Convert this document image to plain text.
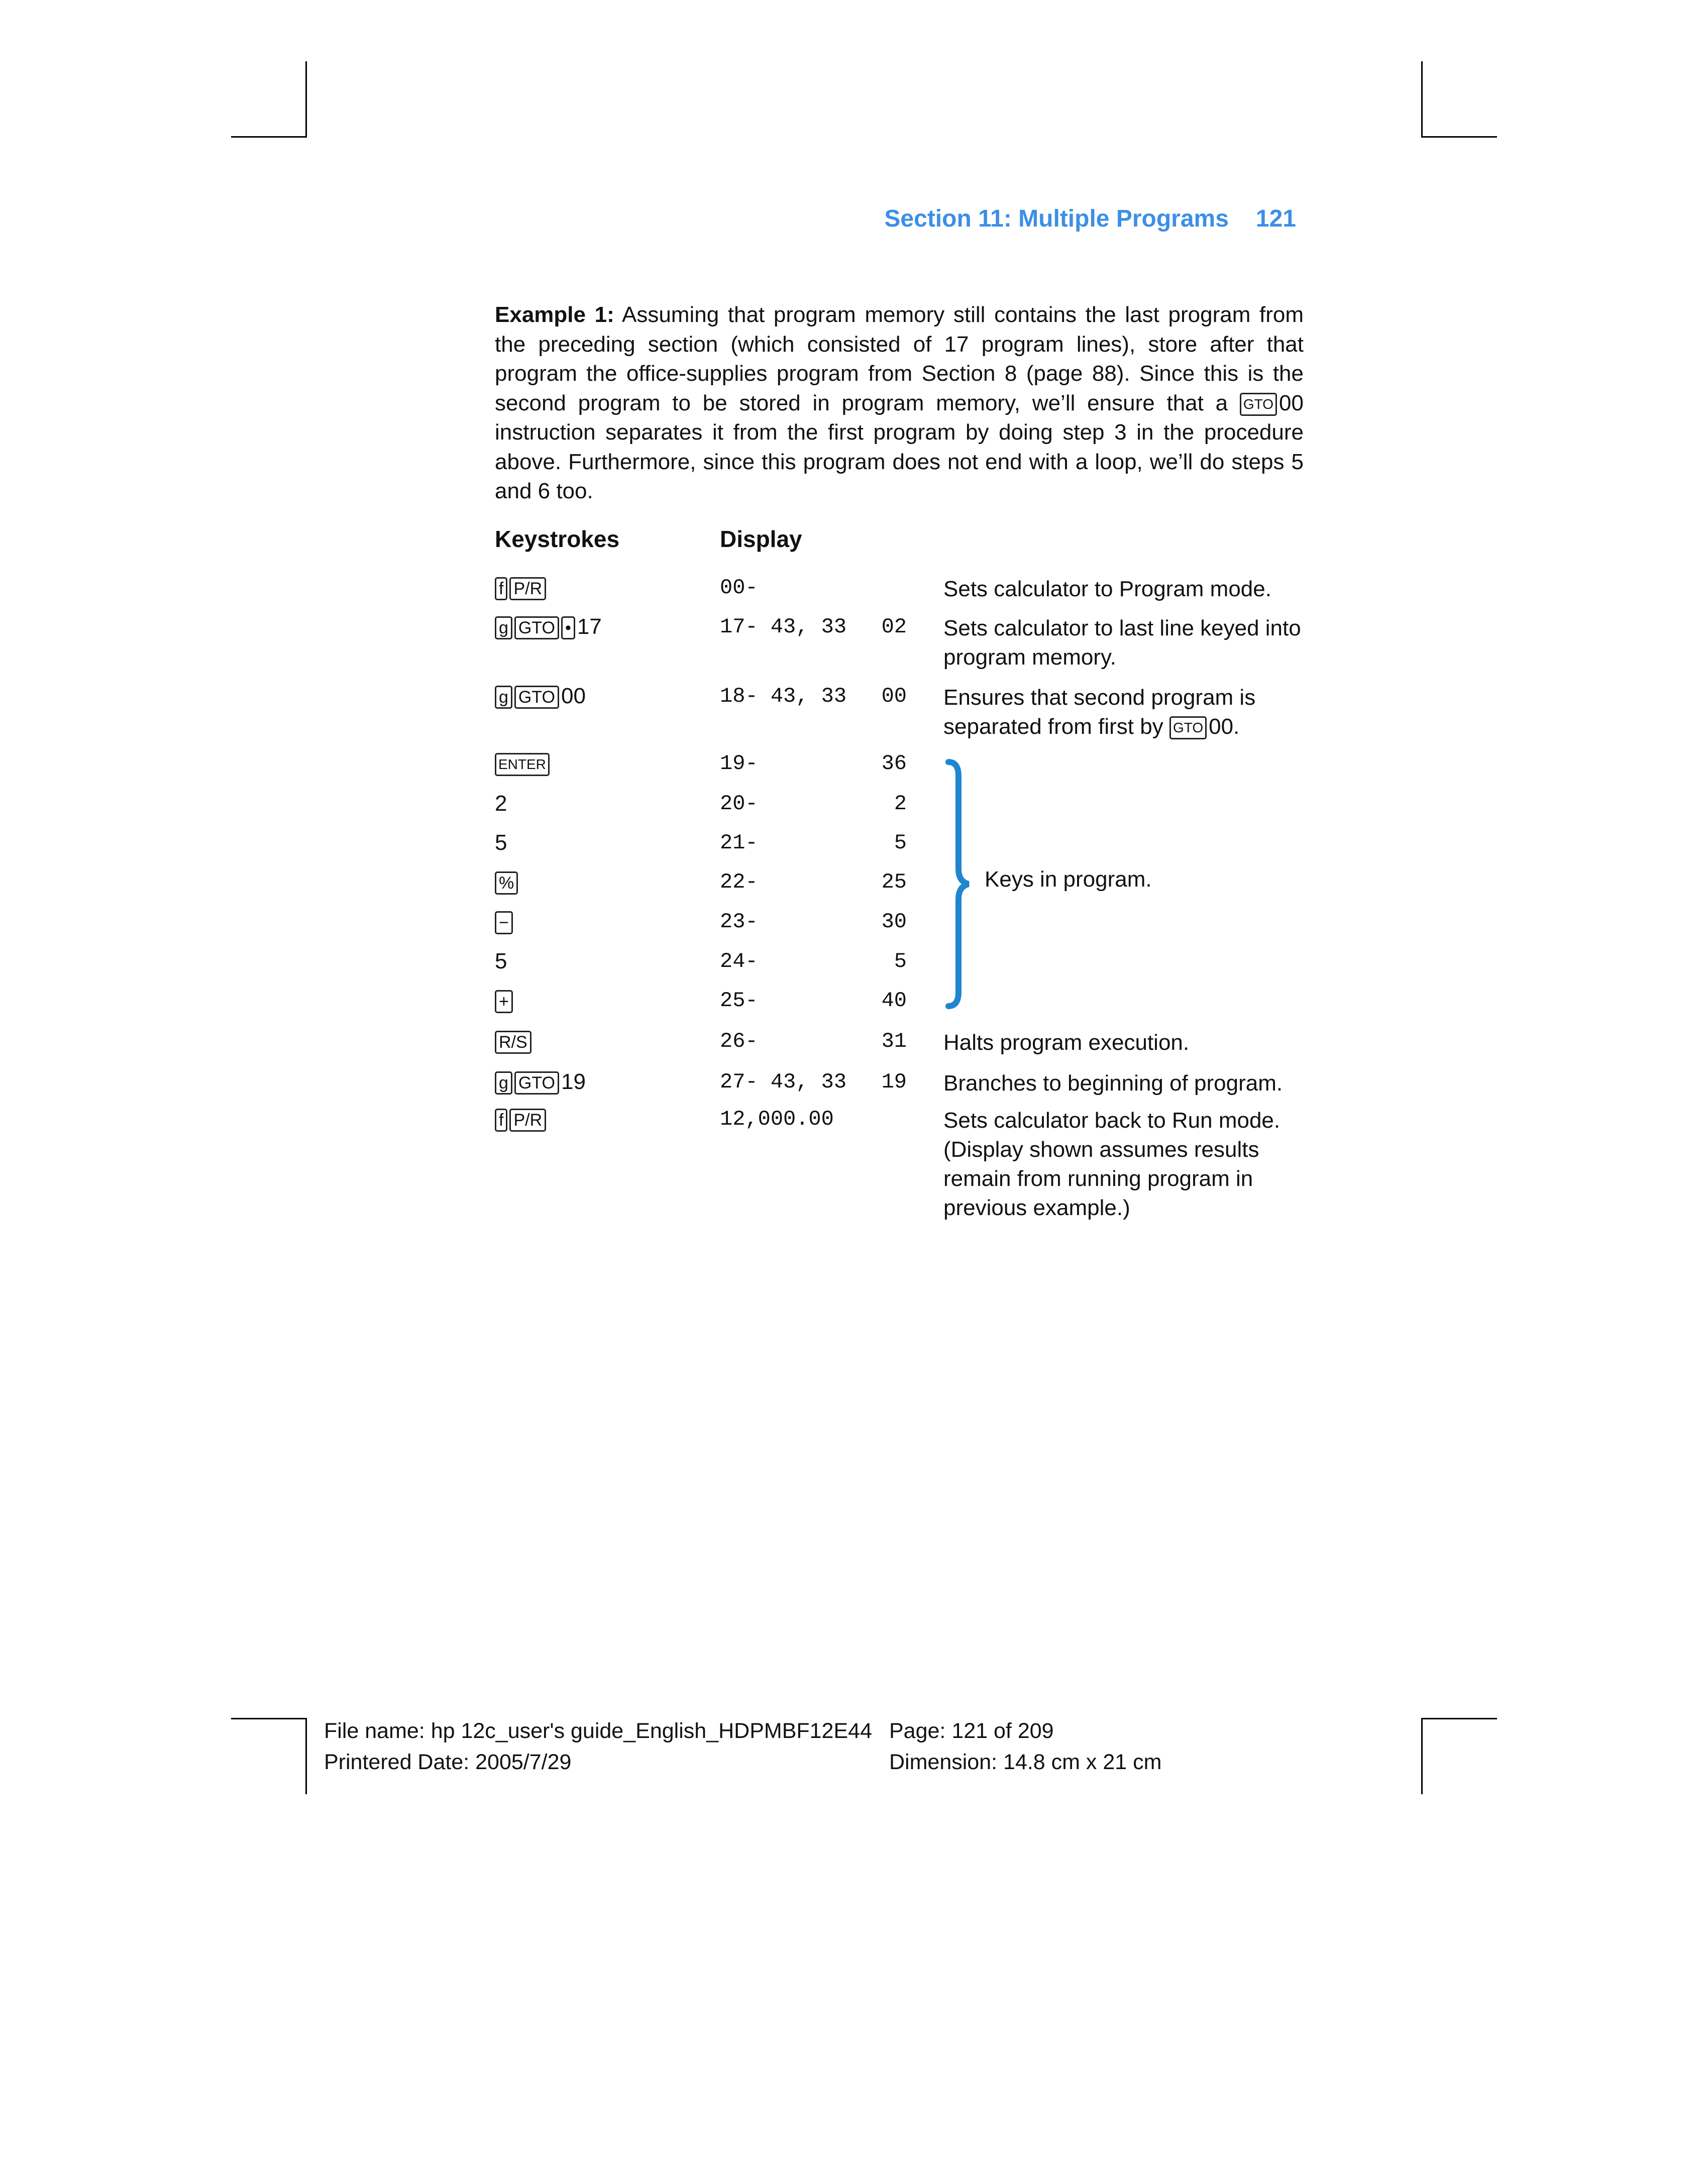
Section 11: Multiple Programs 121
Example 1: Assuming that program memory still contains the last program from the preceding section (which consisted of 17 program lines), store after that program the office-supplies program from Section 8 (page 88). Since this is the second program to be stored in program memory, we’ll ensure that a GTO 00 instruction separates it from the first program by doing step 3 in the procedure above. Furthermore, since this program does not end with a loop, we’ll do steps 5 and 6 too.
Keystrokes	Display
f P/R	00-	Sets calculator to Program mode.
g GTO • 17	17- 43, 33	02 Sets calculator to last line keyed into program memory.
g GTO 00	18- 43, 33	00 Ensures that second program is separated from first by GTO 00.
ENTER	19-	36
2	20-	2
5	21-	5
%	22-	25
−	23-	30
5	24-	5
+	25-	40
R/S	26-	31 Halts program execution.
g GTO 19	27- 43, 33	19 Branches to beginning of program.
f P/R	12,000.00	Sets calculator back to Run mode. (Display shown assumes results remain from running program in previous example.)
Keys in program.
File name: hp 12c_user's guide_English_HDPMBF12E44
Printered Date: 2005/7/29
Page: 121 of 209
Dimension: 14.8 cm x 21 cm
